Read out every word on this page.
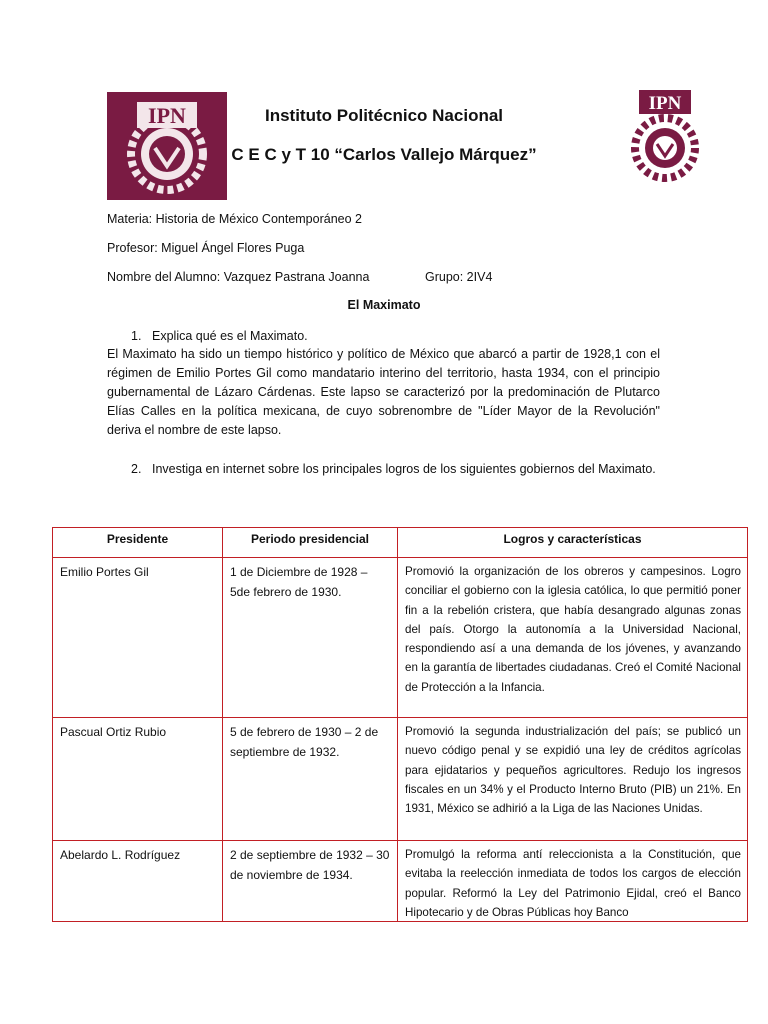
IPN	IPN
Instituto Politécnico Nacional
C E C y T 10 “Carlos Vallejo Márquez”
Materia: Historia de México Contemporáneo 2
Profesor: Miguel Ángel Flores Puga
Nombre del Alumno: Vazquez Pastrana Joanna	Grupo: 2IV4
El Maximato
1. Explica qué es el Maximato.
El Maximato ha sido un tiempo histórico y político de México que abarcó a partir de 1928,1 con el régimen de Emilio Portes Gil como mandatario interino del territorio, hasta 1934, con el principio gubernamental de Lázaro Cárdenas. Este lapso se caracterizó por la predominación de Plutarco Elías Calles en la política mexicana, de cuyo sobrenombre de "Líder Mayor de la Revolución" deriva el nombre de este lapso.
2. Investiga en internet sobre los principales logros de los siguientes gobiernos del Maximato.
Presidente	Periodo presidencial	Logros y características
Emilio Portes Gil	1 de Diciembre de 1928 – 5de febrero de 1930.	Promovió la organización de los obreros y campesinos. Logro conciliar el gobierno con la iglesia católica, lo que permitió poner fin a la rebelión cristera, que había desangrado algunas zonas del país. Otorgo la autonomía a la Universidad Nacional, respondiendo así a una demanda de los jóvenes, y avanzando en la garantía de libertades ciudadanas. Creó el Comité Nacional de Protección a la Infancia.
Pascual Ortiz Rubio	5 de febrero de 1930 – 2 de septiembre de 1932.	Promovió la segunda industrialización del país; se publicó un nuevo código penal y se expidió una ley de créditos agrícolas para ejidatarios y pequeños agricultores. Redujo los ingresos fiscales en un 34% y el Producto Interno Bruto (PIB) un 21%. En 1931, México se adhirió a la Liga de las Naciones Unidas.
Abelardo L. Rodríguez	2 de septiembre de 1932 – 30 de noviembre de 1934.	Promulgó la reforma antí releccionista a la Constitución, que evitaba la reelección inmediata de todos los cargos de elección popular. Reformó la Ley del Patrimonio Ejidal, creó el Banco Hipotecario y de Obras Públicas hoy Banco
